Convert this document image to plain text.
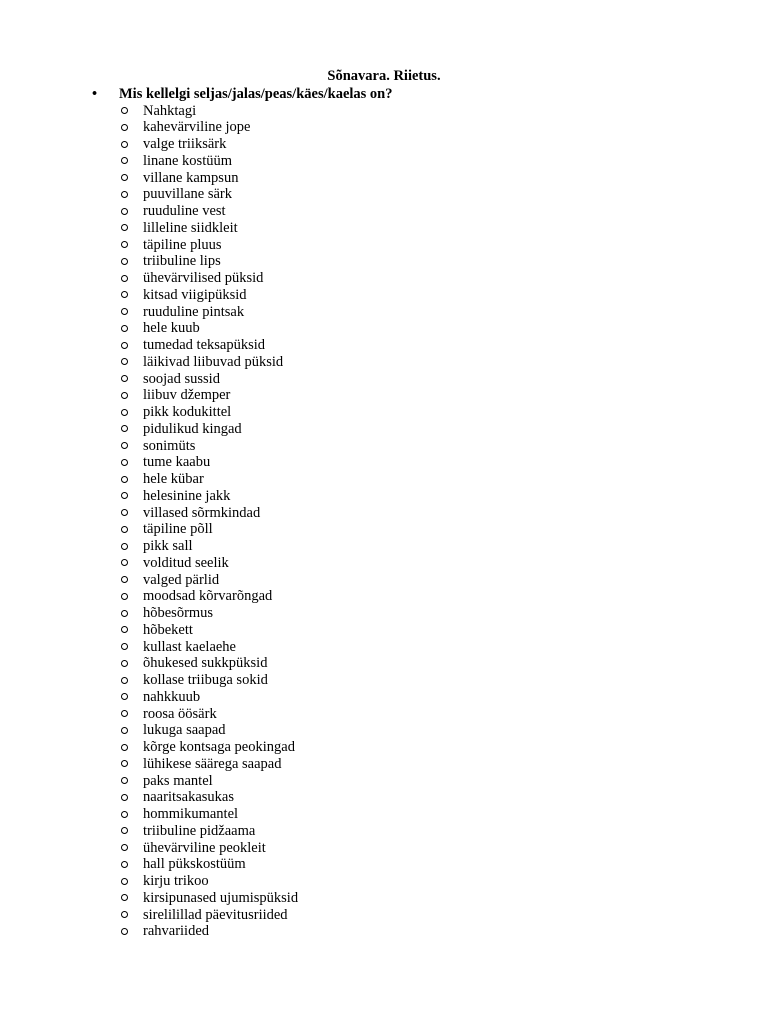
Sõnavara. Riietus.
• Mis kellelgi seljas/jalas/peas/käes/kaelas on?
Nahktagi
kahevärviline jope
valge triiksärk
linane kostüüm
villane kampsun
puuvillane särk
ruuduline vest
lilleline siidkleit
täpiline pluus
triibuline lips
ühevärvilised püksid
kitsad viigipüksid
ruuduline pintsak
hele kuub
tumedad teksapüksid
läikivad liibuvad püksid
soojad sussid
liibuv džemper
pikk kodukittel
pidulikud kingad
sonimüts
tume kaabu
hele kübar
helesinine jakk
villased sõrmkindad
täpiline põll
pikk sall
volditud seelik
valged pärlid
moodsad kõrvarõngad
hõbesõrmus
hõbekett
kullast kaelaehe
õhukesed sukkpüksid
kollase triibuga sokid
nahkkuub
roosa öösärk
lukuga saapad
kõrge kontsaga peokingad
lühikese säärega saapad
paks mantel
naaritsakasukas
hommikumantel
triibuline pidžaama
ühevärviline peokleit
hall pükskostüüm
kirju trikoo
kirsipunased ujumispüksid
sirelilillad päevitusriided
rahvariided
